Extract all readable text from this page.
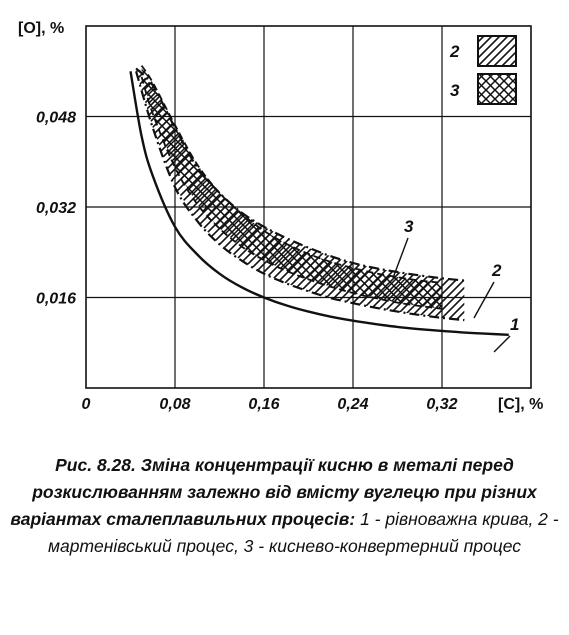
0	0,08	0,16	0,24	0,32
0,016
0,032
0,048
[O], %
[C], %
2
3
3
2
1
Рис. 8.28. Зміна концентрації кисню в металі перед розкислюванням залежно від вмісту вуглецю при різних варіантах сталеплавильних процесів: 1 - рівноважна крива, 2 - мартенівський процес, 3 - кисневo-конвертерний процес
